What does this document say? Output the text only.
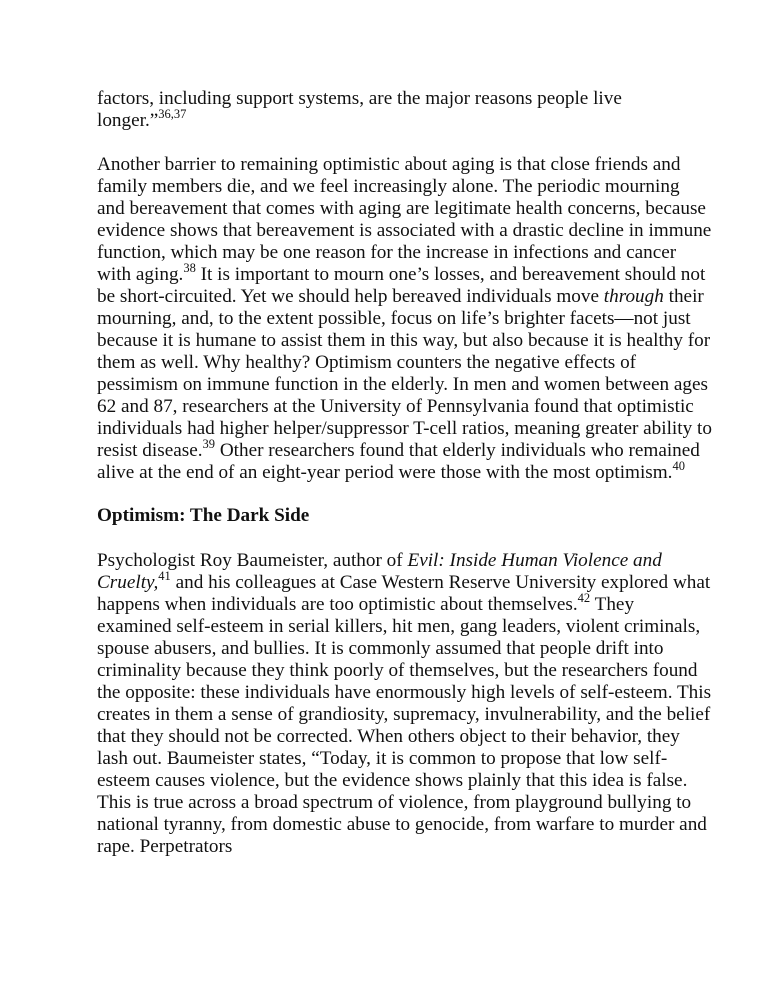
factors, including support systems, are the major reasons people live longer.”$^{36,37}$

Another barrier to remaining optimistic about aging is that close friends and family members die, and we feel increasingly alone. The periodic mourning and bereavement that comes with aging are legitimate health concerns, because evidence shows that bereavement is associated with a drastic decline in immune function, which may be one reason for the increase in infections and cancer with aging.$^{38}$ It is important to mourn one’s losses, and bereavement should not be short-circuited. Yet we should help bereaved individuals move through their mourning, and, to the extent possible, focus on life’s brighter facets—not just because it is humane to assist them in this way, but also because it is healthy for them as well. Why healthy? Optimism counters the negative effects of pessimism on immune function in the elderly. In men and women between ages 62 and 87, researchers at the University of Pennsylvania found that optimistic individuals had higher helper/suppressor T-cell ratios, meaning greater ability to resist disease.$^{39}$ Other researchers found that elderly individuals who remained alive at the end of an eight-year period were those with the most optimism.$^{40}$

Optimism: The Dark Side

Psychologist Roy Baumeister, author of Evil: Inside Human Violence and Cruelty,$^{41}$ and his colleagues at Case Western Reserve University explored what happens when individuals are too optimistic about themselves.$^{42}$ They examined self-esteem in serial killers, hit men, gang leaders, violent criminals, spouse abusers, and bullies. It is commonly assumed that people drift into criminality because they think poorly of themselves, but the researchers found the opposite: these individuals have enormously high levels of self-esteem. This creates in them a sense of grandiosity, supremacy, invulnerability, and the belief that they should not be corrected. When others object to their behavior, they lash out. Baumeister states, “Today, it is common to propose that low self-esteem causes violence, but the evidence shows plainly that this idea is false. This is true across a broad spectrum of violence, from playground bullying to national tyranny, from domestic abuse to genocide, from warfare to murder and rape. Perpetrators
